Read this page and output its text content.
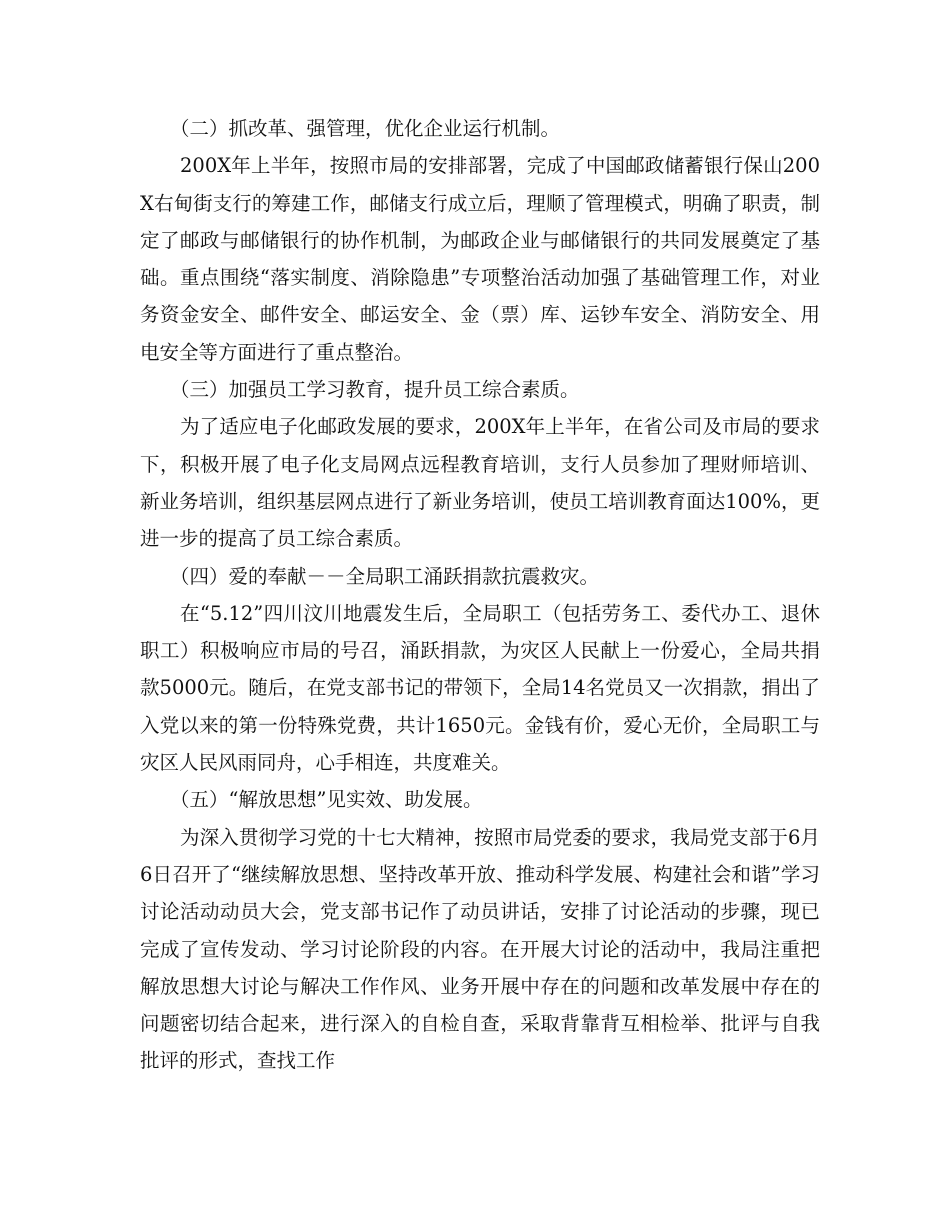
（二）抓改革、强管理，优化企业运行机制。

200X年上半年，按照市局的安排部署，完成了中国邮政储蓄银行保山200X右甸街支行的筹建工作，邮储支行成立后，理顺了管理模式，明确了职责，制定了邮政与邮储银行的协作机制，为邮政企业与邮储银行的共同发展奠定了基础。重点围绕“落实制度、消除隐患”专项整治活动加强了基础管理工作，对业务资金安全、邮件安全、邮运安全、金（票）库、运钞车安全、消防安全、用电安全等方面进行了重点整治。

（三）加强员工学习教育，提升员工综合素质。

为了适应电子化邮政发展的要求，200X年上半年，在省公司及市局的要求下，积极开展了电子化支局网点远程教育培训，支行人员参加了理财师培训、新业务培训，组织基层网点进行了新业务培训，使员工培训教育面达100%，更进一步的提高了员工综合素质。

（四）爱的奉献－－全局职工涌跃捐款抗震救灾。

在“5.12”四川汶川地震发生后，全局职工（包括劳务工、委代办工、退休职工）积极响应市局的号召，涌跃捐款，为灾区人民献上一份爱心，全局共捐款5000元。随后，在党支部书记的带领下，全局14名党员又一次捐款，捐出了入党以来的第一份特殊党费，共计1650元。金钱有价，爱心无价，全局职工与灾区人民风雨同舟，心手相连，共度难关。

（五）“解放思想”见实效、助发展。

为深入贯彻学习党的十七大精神，按照市局党委的要求，我局党支部于6月6日召开了“继续解放思想、坚持改革开放、推动科学发展、构建社会和谐”学习讨论活动动员大会，党支部书记作了动员讲话，安排了讨论活动的步骤，现已完成了宣传发动、学习讨论阶段的内容。在开展大讨论的活动中，我局注重把解放思想大讨论与解决工作作风、业务开展中存在的问题和改革发展中存在的问题密切结合起来，进行深入的自检自查，采取背靠背互相检举、批评与自我批评的形式，查找工作
